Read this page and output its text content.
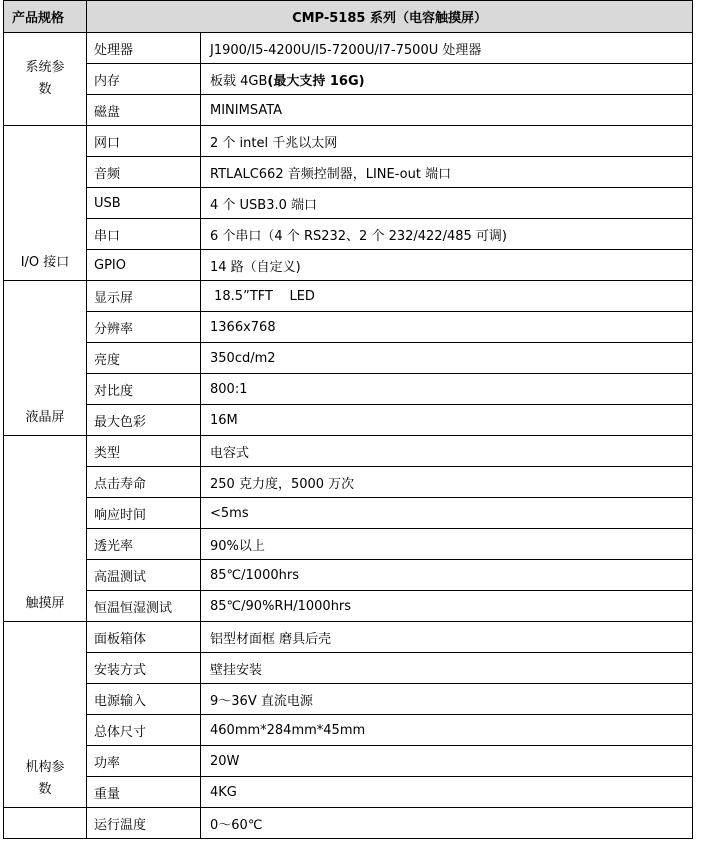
产品规格	CMP-5185 系列（电容触摸屏）	

系统参数	处理器	J1900/I5-4200U/I5-7200U/I7-7500U 处理器
	内存	板载 4GB(最大支持 16G)
	磁盘	MINIMSATA
I/O 接口	网口	2 个 intel 千兆以太网
	音频	RTLALC662 音频控制器，LINE-out 端口
	USB	4 个 USB3.0 端口
	串口	6 个串口（4 个 RS232、2 个 232/422/485 可调)
	GPIO	14 路（自定义)
液晶屏	显示屏	18.5”TFT    LED
	分辨率	1366x768
	亮度	350cd/m2
	对比度	800:1
	最大色彩	16M
触摸屏	类型	电容式
	点击寿命	250 克力度，5000 万次
	响应时间	<5ms
	透光率	90%以上
	高温测试	85℃/1000hrs
	恒温恒湿测试	85℃/90%RH/1000hrs

机构参数	面板箱体	铝型材面框 磨具后壳
	安装方式	壁挂安装
	电源输入	9～36V 直流电源
	总体尺寸	460mm*284mm*45mm
	功率	20W
	重量	4KG
	运行温度	0～60℃
